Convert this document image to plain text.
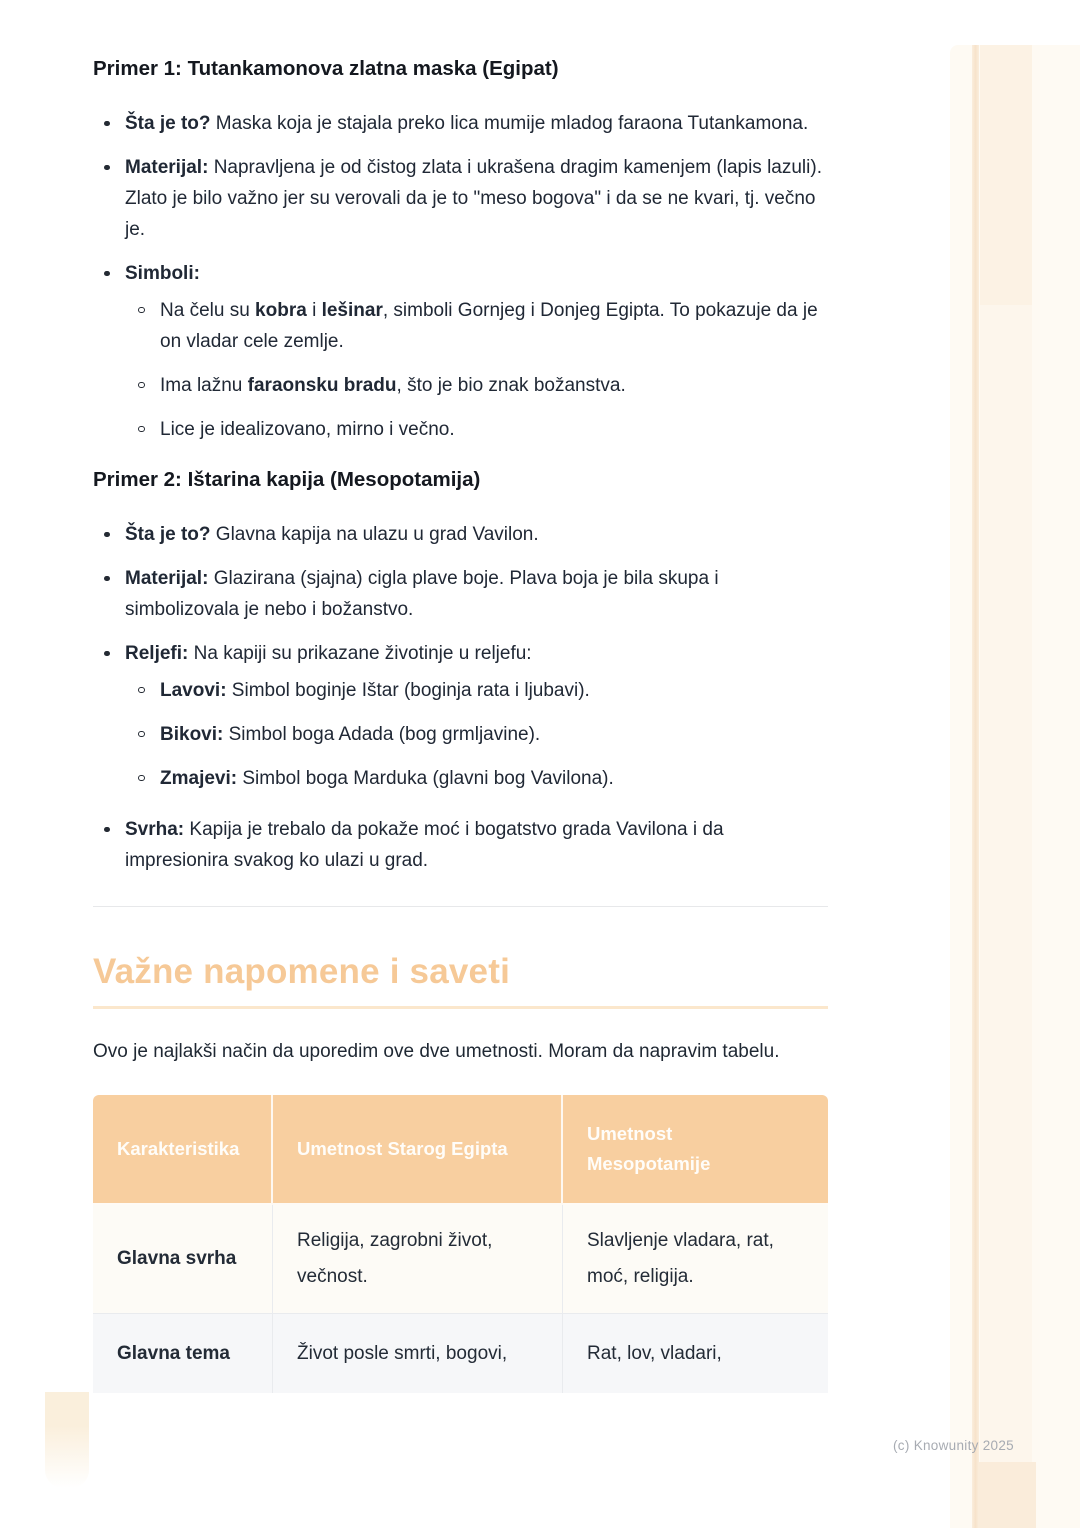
(c) Knowunity 2025
Primer 1: Tutankamonova zlatna maska (Egipat)
Šta je to? Maska koja je stajala preko lica mumije mladog faraona Tutankamona.
Materijal: Napravljena je od čistog zlata i ukrašena dragim kamenjem (lapis lazuli). Zlato je bilo važno jer su verovali da je to "meso bogova" i da se ne kvari, tj. večno je.
Simboli:
Na čelu su kobra i lešinar, simboli Gornjeg i Donjeg Egipta. To pokazuje da je on vladar cele zemlje.
Ima lažnu faraonsku bradu, što je bio znak božanstva.
Lice je idealizovano, mirno i večno.
Primer 2: Ištarina kapija (Mesopotamija)
Šta je to? Glavna kapija na ulazu u grad Vavilon.
Materijal: Glazirana (sjajna) cigla plave boje. Plava boja je bila skupa i simbolizovala je nebo i božanstvo.
Reljefi: Na kapiji su prikazane životinje u reljefu:
Lavovi: Simbol boginje Ištar (boginja rata i ljubavi).
Bikovi: Simbol boga Adada (bog grmljavine).
Zmajevi: Simbol boga Marduka (glavni bog Vavilona).
Svrha: Kapija je trebalo da pokaže moć i bogatstvo grada Vavilona i da impresionira svakog ko ulazi u grad.
Važne napomene i saveti

Ovo je najlakši način da uporedim ove dve umetnosti. Moram da napravim tabelu.

Karakteristika	Umetnost Starog Egipta	Umetnost Mesopotamije
Glavna svrha	Religija, zagrobni život, večnost.	Slavljenje vladara, rat, moć, religija.
Glavna tema	Život posle smrti, bogovi,	Rat, lov, vladari,
